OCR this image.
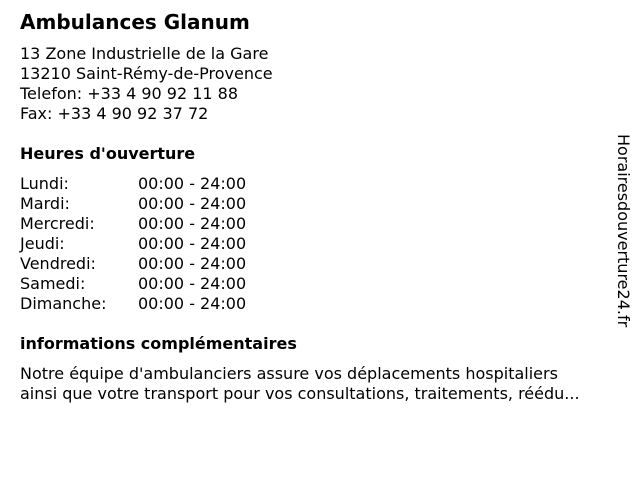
Ambulances Glanum
13 Zone Industrielle de la Gare
13210 Saint-Rémy-de-Provence
Telefon: +33 4 90 92 11 88
Fax: +33 4 90 92 37 72
Heures d'ouverture
Lundi:	00:00 - 24:00
Mardi:	00:00 - 24:00
Mercredi:	00:00 - 24:00
Jeudi:	00:00 - 24:00
Vendredi:	00:00 - 24:00
Samedi:	00:00 - 24:00
Dimanche:	00:00 - 24:00
informations complémentaires
Notre équipe d'ambulanciers assure vos déplacements hospitaliers
ainsi que votre transport pour vos consultations, traitements, réédu...
Horairesdouverture24.fr
